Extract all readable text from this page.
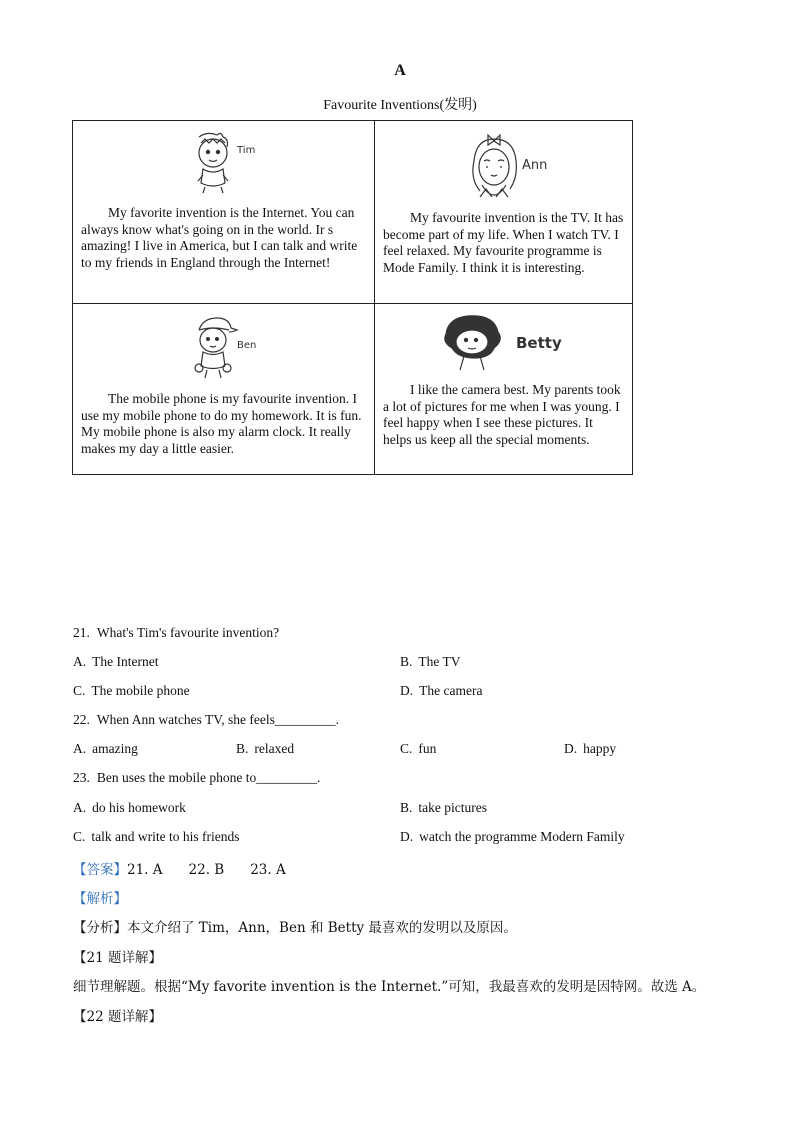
A
Favourite Inventions(发明)
Tim

My favorite invention is the Internet. You can always know what's going on in the world. Ir s amazing! I live in America, but I can talk and write to my friends in England through the Internet!

Ann

My favourite invention is the TV. It has become part of my life. When I watch TV. I feel relaxed. My favourite programme is Mode Family. I think it is interesting.

Ben

The mobile phone is my favourite invention. I use my mobile phone to do my homework. It is fun. My mobile phone is also my alarm clock. It really makes my day a little easier.

Betty

I like the camera best. My parents took a lot of pictures for me when I was young. I feel happy when I see these pictures. It helps us keep all the special moments.

21. What's Tim's favourite invention?
A. The Internet	B. The TV
C. The mobile phone	D. The camera
22. When Ann watches TV, she feels_________.
A. amazing	B. relaxed	C. fun	D. happy
23. Ben uses the mobile phone to_________.
A. do his homework	B. take pictures
C. talk and write to his friends	D. watch the programme Modern Family
【答案】21. A 22. B 23. A
【解析】
【分析】本文介绍了 Tim，Ann，Ben 和 Betty 最喜欢的发明以及原因。
【21 题详解】
细节理解题。根据“My favorite invention is the Internet.”可知，我最喜欢的发明是因特网。故选 A。
【22 题详解】
